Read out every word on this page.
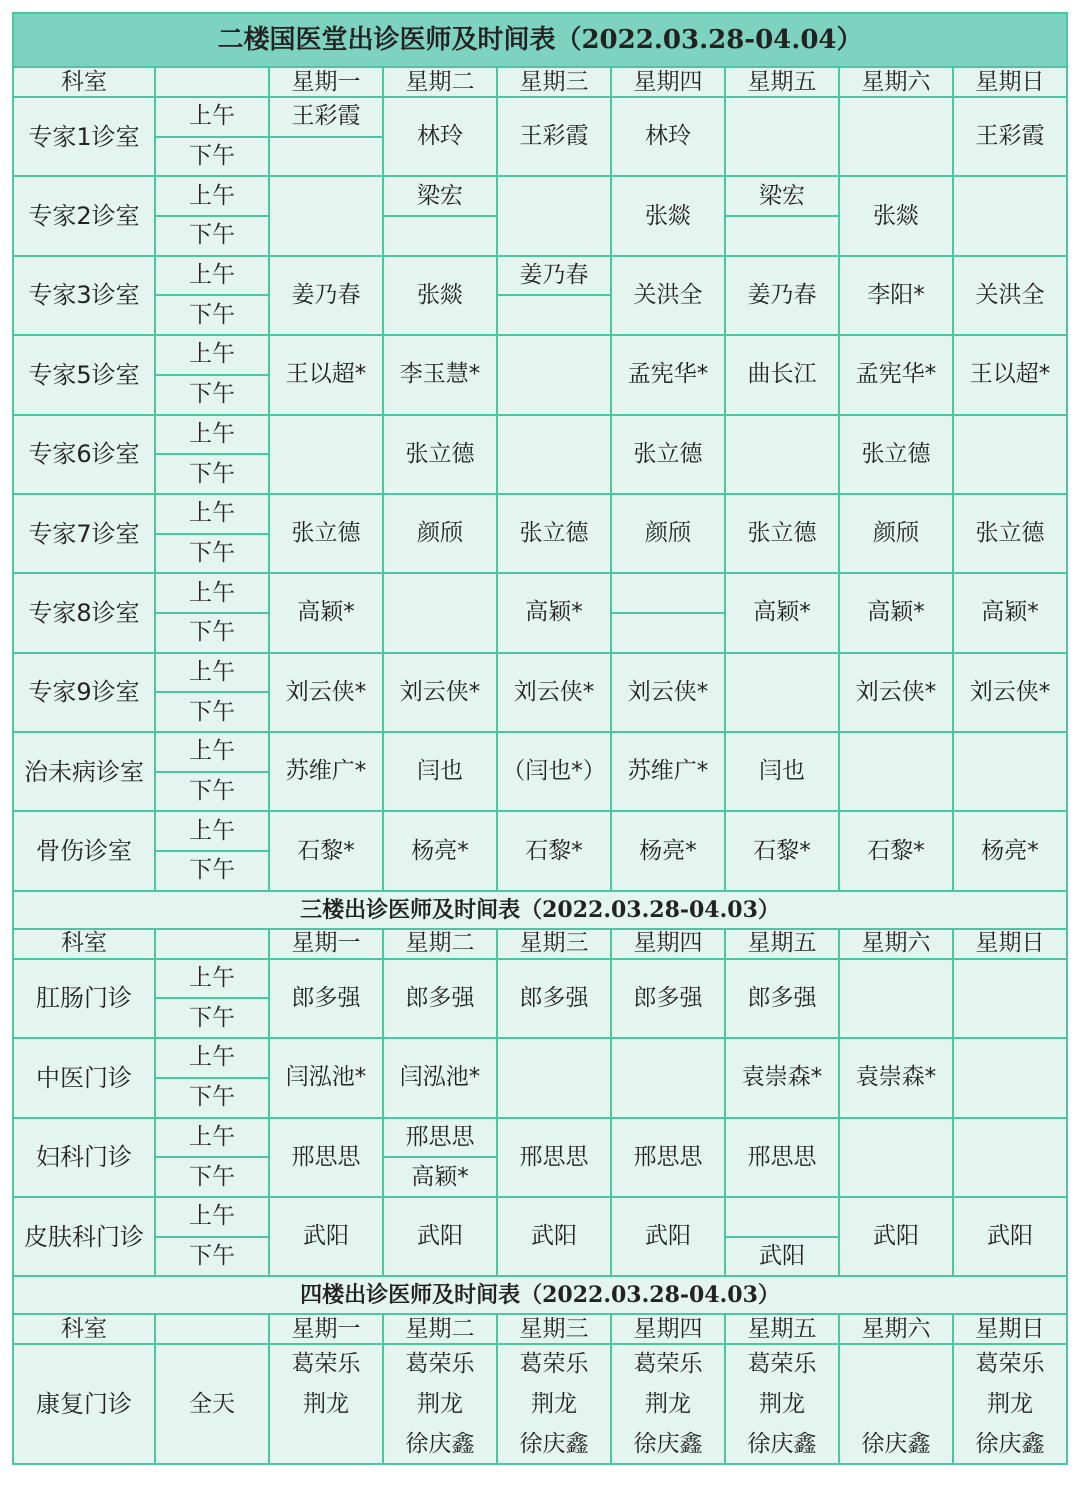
二楼国医堂出诊医师及时间表（2022.03.28-04.04）								
科室		星期一	星期二	星期三	星期四	星期五	星期六	星期日
专家1诊室	上午	王彩霞	林玲	王彩霞	林玲			王彩霞
	下午							
专家2诊室	上午		梁宏		张燚	梁宏	张燚	
	下午							
专家3诊室	上午	姜乃春	张燚	姜乃春	关洪全	姜乃春	李阳*	关洪全
	下午							
专家5诊室	上午	王以超*	李玉慧*		孟宪华*	曲长江	孟宪华*	王以超*
	下午							
专家6诊室	上午		张立德		张立德		张立德	
	下午							
专家7诊室	上午	张立德	颜颀	张立德	颜颀	张立德	颜颀	张立德
	下午							
专家8诊室	上午	高颖*		高颖*		高颖*	高颖*	高颖*
	下午							
专家9诊室	上午	刘云侠*	刘云侠*	刘云侠*	刘云侠*		刘云侠*	刘云侠*
	下午							
治未病诊室	上午	苏维广*	闫也	（闫也*）	苏维广*	闫也		
	下午							
骨伤诊室	上午	石黎*	杨亮*	石黎*	杨亮*	石黎*	石黎*	杨亮*
	下午							
三楼出诊医师及时间表（2022.03.28-04.03）								
科室		星期一	星期二	星期三	星期四	星期五	星期六	星期日
肛肠门诊	上午	郎多强	郎多强	郎多强	郎多强	郎多强		
	下午							
中医门诊	上午	闫泓池*	闫泓池*			袁崇森*	袁崇森*	
	下午							
妇科门诊	上午	邢思思	邢思思	邢思思	邢思思	邢思思		
	下午		高颖*					
皮肤科门诊	上午	武阳	武阳	武阳	武阳		武阳	武阳
	下午					武阳		
四楼出诊医师及时间表（2022.03.28-04.03）								
科室		星期一	星期二	星期三	星期四	星期五	星期六	星期日
康复门诊	全天	葛荣乐	葛荣乐	葛荣乐	葛荣乐	葛荣乐		葛荣乐
		荆龙	荆龙	荆龙	荆龙	荆龙		荆龙
			徐庆鑫	徐庆鑫	徐庆鑫	徐庆鑫	徐庆鑫	徐庆鑫
